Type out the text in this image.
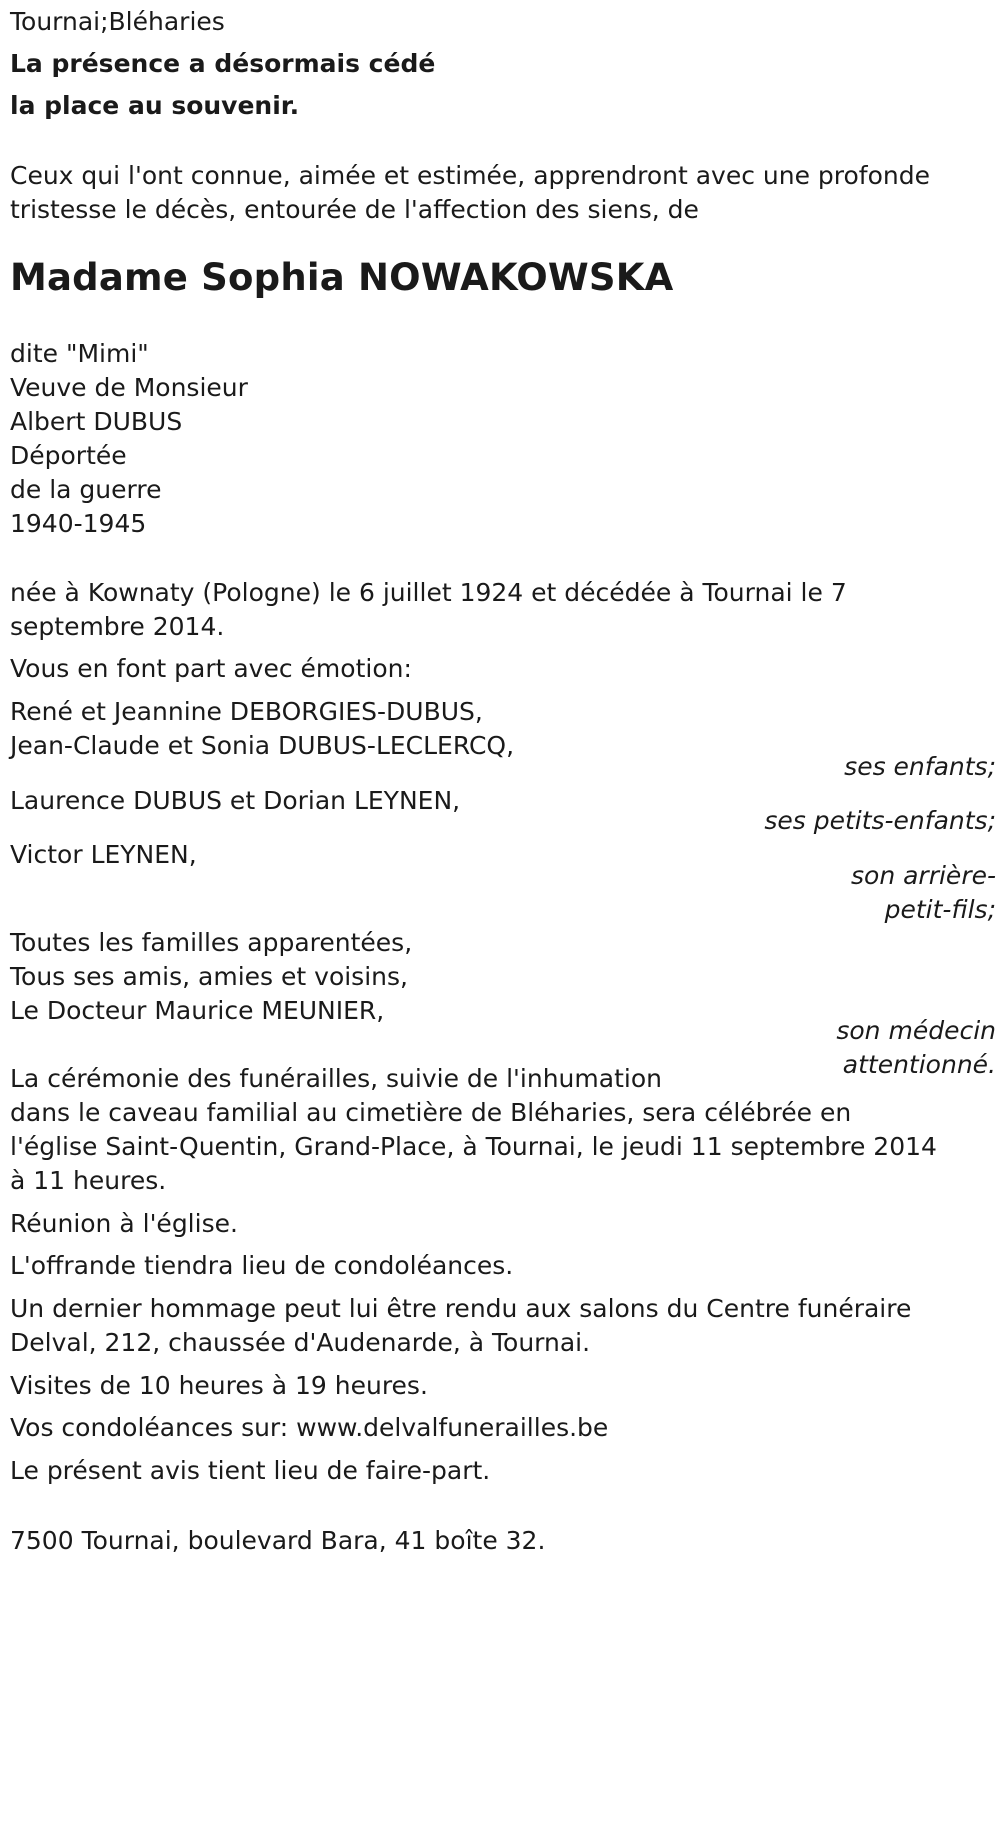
Tournai;Bléharies
La présence a désormais cédé
la place au souvenir.
Ceux qui l'ont connue, aimée et estimée, apprendront avec une profonde
tristesse le décès, entourée de l'affection des siens, de
Madame Sophia NOWAKOWSKA
dite "Mimi"
Veuve de Monsieur
Albert DUBUS
Déportée
de la guerre
1940-1945
née à Kownaty (Pologne) le 6 juillet 1924 et décédée à Tournai le 7
septembre 2014.
Vous en font part avec émotion:
René et Jeannine DEBORGIES-DUBUS,
Jean-Claude et Sonia DUBUS-LECLERCQ,
ses enfants;
Laurence DUBUS et Dorian LEYNEN,
ses petits-enfants;
Victor LEYNEN,
son arrière-
petit-fils;
Toutes les familles apparentées,
Tous ses amis, amies et voisins,
Le Docteur Maurice MEUNIER,
son médecin
attentionné.
La cérémonie des funérailles, suivie de l'inhumation
dans le caveau familial au cimetière de Bléharies, sera célébrée en
l'église Saint-Quentin, Grand-Place, à Tournai, le jeudi 11 septembre 2014
à 11 heures.
Réunion à l'église.
L'offrande tiendra lieu de condoléances.
Un dernier hommage peut lui être rendu aux salons du Centre funéraire
Delval, 212, chaussée d'Audenarde, à Tournai.
Visites de 10 heures à 19 heures.
Vos condoléances sur: www.delvalfunerailles.be
Le présent avis tient lieu de faire-part.
7500 Tournai, boulevard Bara, 41 boîte 32.
